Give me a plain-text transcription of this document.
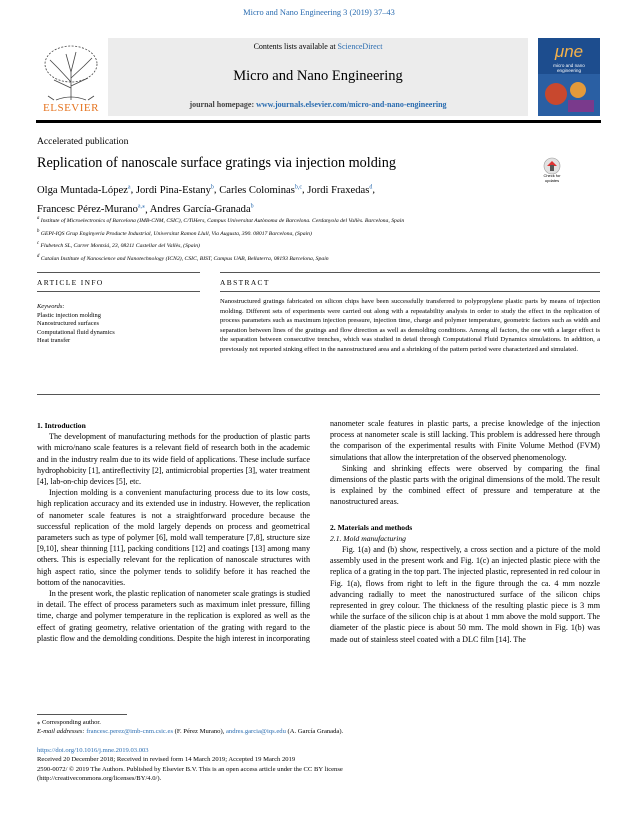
Micro and Nano Engineering 3 (2019) 37–43
ELSEVIER
Contents lists available at ScienceDirect
Micro and Nano Engineering
journal homepage: www.journals.elsevier.com/micro-and-nano-engineering
μne
micro and nano engineering
Accelerated publication
Replication of nanoscale surface gratings via injection molding
Check for updates
Olga Muntada-López$^a$, Jordi Pina-Estany$^b$, Carles Colominas$^{b,c}$, Jordi Fraxedas$^d$,
Francesc Pérez-Murano$^{a,⁎}$, Andres García-Granada$^b$
$^a$ Institute of Microelectronics of Barcelona (IMB-CNM, CSIC), C/TiHers, Campus Universitat Autònoma de Barcelona. Cerdanyola del Vallès. Barcelona, Spain
$^b$ GEPI-IQS Grup Enginyeria Producte Industrial, Universitat Ramon Llull, Via Augusta, 390. 08017 Barcelona, (Spain)
$^c$ Flubetech SL, Carrer Montsiá, 23, 08211 Castellar del Vallès, (Spain)
$^d$ Catalan Institute of Nanoscience and Nanotechnology (ICN2), CSIC, BIST, Campus UAB, Bellaterra, 08193 Barcelona, Spain
ARTICLE INFO	ABSTRACT
Keywords:
Plastic injection molding
Nanostructured surfaces
Computational fluid dynamics
Heat transfer
Nanostructured gratings fabricated on silicon chips have been successfully transferred to polypropylene plastic parts by means of injection molding. Different sets of experiments were carried out along with a repeatability analysis in order to study the effect in the replication of process parameters such as maximum injection pressure, injection time, charge and polymer temperature, geometric factors such as width and separation between lines of the gratings and flow direction as well as demolding conditions. Among all factors, the one with a larger effect is the separation between consecutive trenches, which was studied in detail through Computational Fluid Dynamics simulations. In addition, a previously not reported sinking effect in the nanostructured area and a shrinking of the pattern period were characterized and simulated.

1. Introduction

The development of manufacturing methods for the production of plastic parts with micro/nano scale features is a relevant field of research both in the academic and in the industry realm due to its wide field of applications. These include surface hydrophobicity [1], antireflectivity [2], antimicrobial properties [3], water treatment [4], lab-on-chip devices [5], etc.

Injection molding is a convenient manufacturing process due to its low costs, high replication accuracy and its extended use in industry. However, the replication of nanometer scale features is not a straightforward procedure because the successful replication of the mold largely depends on process and geometrical parameters such as type of polymer [6], mold wall temperature [7,8], structure size [9,10], shear thinning [11], packing conditions [12] and coatings [13] among many others. This is especially relevant for the replication of nanoscale structures with high aspect ratio, since the polymer tends to solidify before it has reached the bottom of the nanocavities.

In the present work, the plastic replication of nanometer scale gratings is studied in detail. The effect of process parameters such as maximum inlet pressure, filling time, charge and polymer temperature in the replication is explored as well as the effect of grating geometry, relative orientation of the grating with regard to the plastic flow and the demolding conditions. Despite the high interest in incorporating

nanometer scale features in plastic parts, a precise knowledge of the injection process at nanometer scale is still lacking. This problem is addressed here through the comparison of the experimental results with Finite Volume Method (FVM) simulations that allow the interpretation of the observed phenomenology.

Sinking and shrinking effects were observed by comparing the final dimensions of the plastic parts with the original dimensions of the mold. The result is explained by the combined effect of pressure and temperature at the nanostructured areas.

2. Materials and methods

2.1. Mold manufacturing

Fig. 1(a) and (b) show, respectively, a cross section and a picture of the mold assembly used in the present work and Fig. 1(c) an injected plastic piece with the replica of a grating in the top part. The injected plastic, represented in red colour in Fig. 1(a), flows from right to left in the figure through the ca. 4 mm nozzle advancing radially to meet the nanostructured surface of the silicon chips represented in grey colour. The thickness of the resulting plastic piece is 3 mm while the surface of the silicon chip is at about 1 mm above the mold support. The diameter of the plastic piece is about 50 mm. The mold shown in Fig. 1(b) was made out of stainless steel coated with a DLC film [14]. The

⁎ Corresponding author.
E-mail addresses: francesc.perez@imb-cnm.csic.es (F. Pérez Murano), andres.garcia@iqs.edu (A. García Granada).
https://doi.org/10.1016/j.mne.2019.03.003
Received 20 December 2018; Received in revised form 14 March 2019; Accepted 19 March 2019
2590-0072/ © 2019 The Authors. Published by Elsevier B.V. This is an open access article under the CC BY license
(http://creativecommons.org/licenses/BY/4.0/).
